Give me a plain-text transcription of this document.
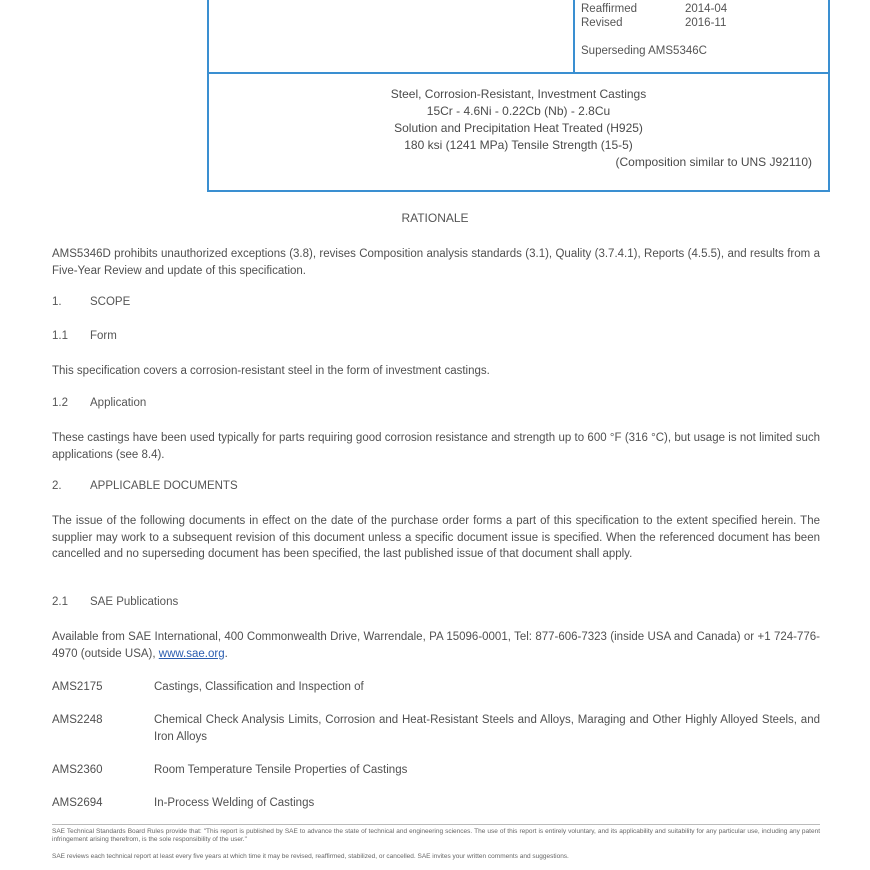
Reaffirmed	2014-04
Revised	2016-11
Superseding AMS5346C
Steel, Corrosion-Resistant, Investment Castings
15Cr - 4.6Ni - 0.22Cb (Nb) - 2.8Cu
Solution and Precipitation Heat Treated (H925)
180 ksi (1241 MPa) Tensile Strength (15-5)
(Composition similar to UNS J92110)
RATIONALE
AMS5346D prohibits unauthorized exceptions (3.8), revises Composition analysis standards (3.1), Quality (3.7.4.1), Reports (4.5.5), and results from a Five-Year Review and update of this specification.
1. SCOPE
1.1 Form
This specification covers a corrosion-resistant steel in the form of investment castings.
1.2 Application
These castings have been used typically for parts requiring good corrosion resistance and strength up to 600 °F (316 °C), but usage is not limited such applications (see 8.4).
2. APPLICABLE DOCUMENTS
The issue of the following documents in effect on the date of the purchase order forms a part of this specification to the extent specified herein. The supplier may work to a subsequent revision of this document unless a specific document issue is specified. When the referenced document has been cancelled and no superseding document has been specified, the last published issue of that document shall apply.
2.1 SAE Publications
Available from SAE International, 400 Commonwealth Drive, Warrendale, PA 15096-0001, Tel: 877-606-7323 (inside USA and Canada) or +1 724-776-4970 (outside USA), www.sae.org.
AMS2175	Castings, Classification and Inspection of
AMS2248	Chemical Check Analysis Limits, Corrosion and Heat-Resistant Steels and Alloys, Maraging and Other Highly Alloyed Steels, and Iron Alloys
AMS2360	Room Temperature Tensile Properties of Castings
AMS2694	In-Process Welding of Castings
SAE Technical Standards Board Rules provide that: "This report is published by SAE to advance the state of technical and engineering sciences. The use of this report is entirely voluntary, and its applicability and suitability for any particular use, including any patent infringement arising therefrom, is the sole responsibility of the user."
SAE reviews each technical report at least every five years at which time it may be revised, reaffirmed, stabilized, or cancelled. SAE invites your written comments and suggestions.
